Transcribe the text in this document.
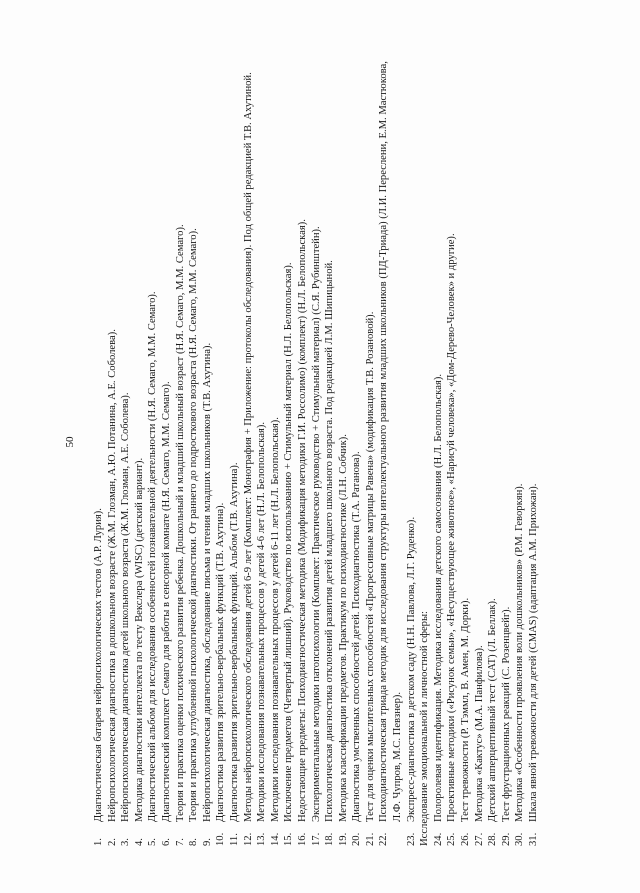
50
1.
Диагностическая батарея нейропсихологических тестов (А.Р. Лурия).
2.
Нейропсихологическая диагностика в дошкольном возрасте (Ж.М. Глозман, А.Ю. Потанина, А.Е. Соболева).
3.
Нейропсихологическая диагностика детей школьного возраста (Ж.М. Глозман, А.Е. Соболева).
4.
Методика диагностики интеллекта по тесту Векслера (WISC) (детский вариант).
5.
Диагностический альбом для исследования особенностей познавательной деятельности (Н.Я. Семаго, М.М. Семаго).
6.
Диагностический комплект Семаго для работы в сенсорной комнате (Н.Я. Семаго, М.М. Семаго).
7.
Теория и практика оценки психического развития ребенка. Дошкольный и младший школьный возраст (Н.Я. Семаго, М.М. Семаго).
8.
Теория и практика углубленной психологической диагностики. От раннего до подросткового возраста (Н.Я. Семаго, М.М. Семаго).
9.
Нейропсихологическая диагностика, обследование письма и чтения младших школьников (Т.В. Ахутина).
10.
Диагностика развития зрительно-вербальных функций (Т.В. Ахутина).
11.
Диагностика развития зрительно-вербальных функций. Альбом (Т.В. Ахутина).
12.
Методы нейропсихологического обследования детей 6-9 лет (Комплект: Монография + Приложение: протоколы обследования). Под общей редакцией Т.В. Ахутиной.
13.
Методики исследования познавательных процессов у детей 4-6 лет (Н.Л. Белопольская).
14.
Методики исследования познавательных процессов у детей 6-11 лет (Н.Л. Белопольская).
15.
Исключение предметов (Четвертый лишний). Руководство по использованию + Стимульный материал (Н.Л. Белопольская).
16.
Недостающие предметы: Психодиагностическая методика (Модификация методики Г.И. Россолимо) (комплект) (Н.Л. Белопольская).
17.
Экспериментальные методики патопсихологии (Комплект: Практическое руководство + Стимульный материал) (С.Я. Рубинштейн).
18.
Психологическая диагностика отклонений развития детей младшего школьного возраста. Под редакцией Л.М. Шипицыной.
19.
Методика классификации предметов. Практикум по психодиагностике (Л.Н. Собчик).
20.
Диагностика умственных способностей детей. Психодиагностика (Т.А. Ратанова).
21.
Тест для оценки мыслительных способностей «Прогрессивные матрицы Равена» (модификация Т.В. Розановой).
22.
Психодиагностическая триада методик для исследования структуры интеллектуального развития младших школьников (ПД-Триада) (Л.И. Переслени, Е.М. Мастюкова, Л.Ф. Чупров, М.С. Певзнер).
23.
Экспресс-диагностика в детском саду (Н.Н. Павлова, Л.Г. Руденко). Исследование эмоциональной и личностной сферы: 24.
Полоролевая идентификация. Методика исследования детского самосознания (Н.Л. Белопольская).
25.
Проективные методики («Рисунок семьи», «Несуществующее животное», «Нарисуй человека», «Дом-Дерево-Человек» и другие).
26.
Тест тревожности (Р. Тэммл, В. Амен, М. Дорки).
27.
Методика «Кактус» (М.А. Панфилова).
28.
Детский апперцептивный тест (CAT) (Л. Беллак).
29.
Тест фрустрационных реакций (С. Розенцвейг).
30.
Методика «Особенности проявления воли дошкольников» (Р.М. Геворкян).
31.
Шкала явной тревожности для детей (CMAS) (адаптация А.М. Прихожан).
